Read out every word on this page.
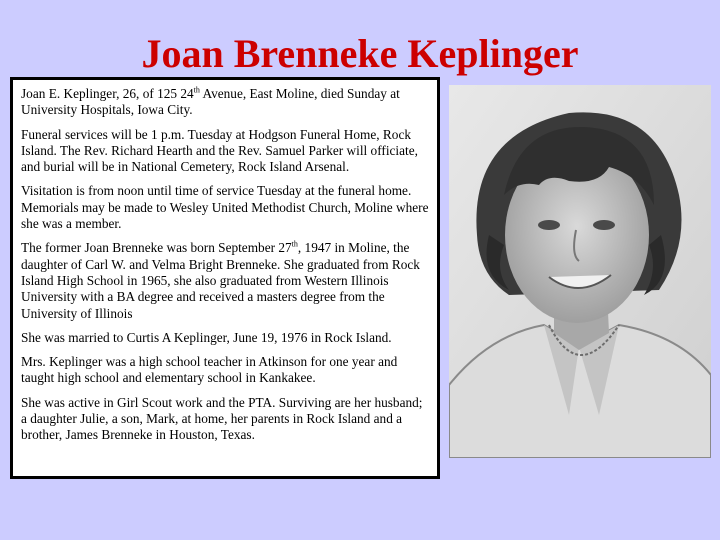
Joan Brenneke Keplinger

Joan E. Keplinger, 26, of 125 24th Avenue, East Moline, died Sunday at University Hospitals, Iowa City.

Funeral services will be 1 p.m. Tuesday at Hodgson Funeral Home, Rock Island. The Rev. Richard Hearth and the Rev. Samuel Parker will officiate, and burial will be in National Cemetery, Rock Island Arsenal.

Visitation is from noon until time of service Tuesday at the funeral home. Memorials may be made to Wesley United Methodist Church, Moline where she was a member.

The former Joan Brenneke was born September 27th, 1947 in Moline, the daughter of Carl W. and Velma Bright Brenneke. She graduated from Rock Island High School in 1965, she also graduated from Western Illinois University with a BA degree and received a masters degree from the University of Illinois

She was married to Curtis A Keplinger, June 19, 1976 in Rock Island.

Mrs. Keplinger was a high school teacher in Atkinson for one year and taught high school and elementary school in Kankakee.

She was active in Girl Scout work and the PTA. Surviving are her husband; a daughter Julie, a son, Mark, at home, her parents in Rock Island and a brother, James Brenneke in Houston, Texas.
